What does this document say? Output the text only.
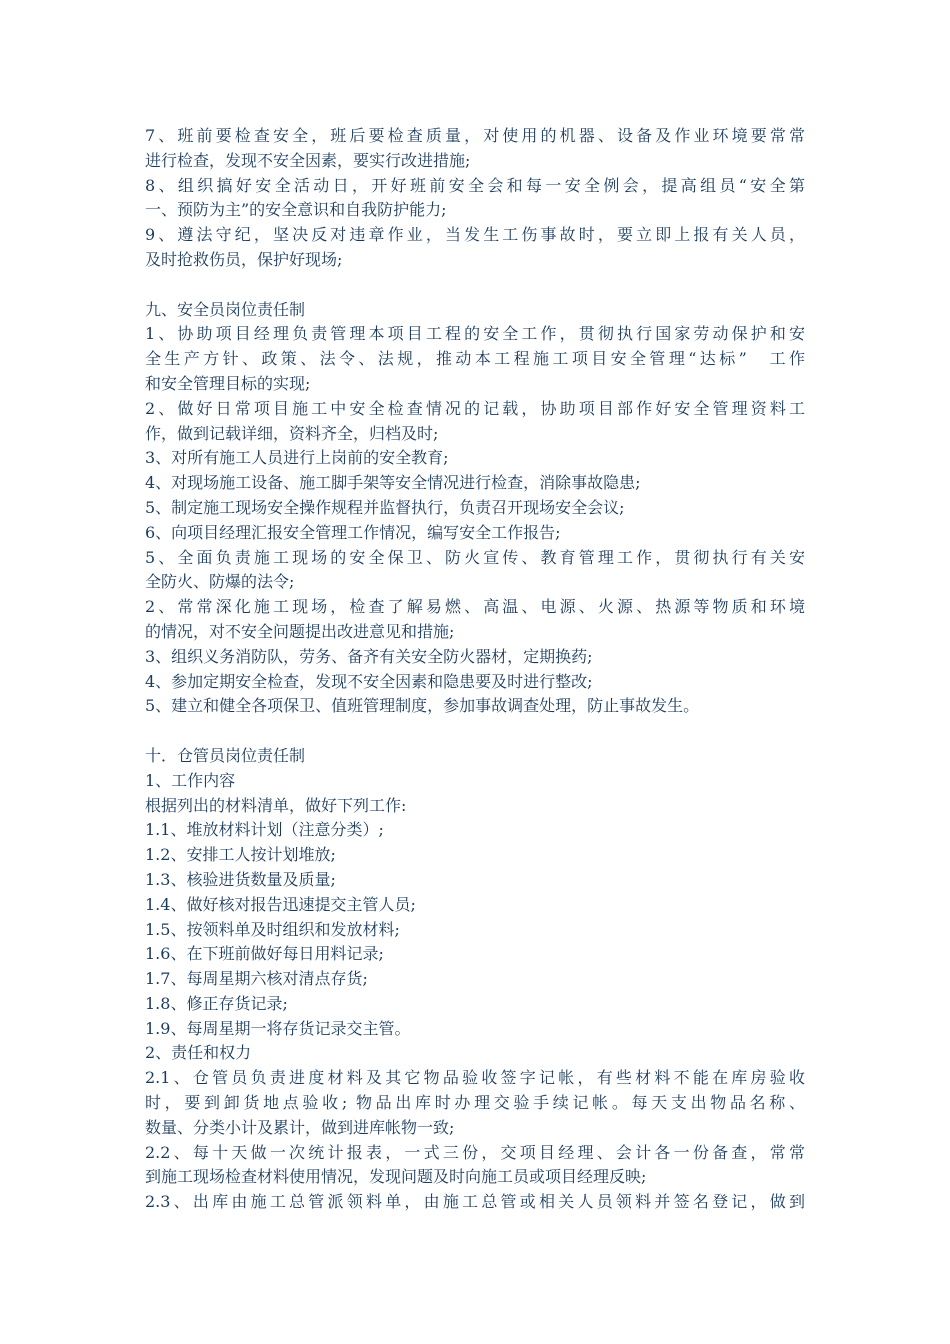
7、班前要检查安全，班后要检查质量，对使用的机器、设备及作业环境要常常
进行检查，发现不安全因素，要实行改进措施;
8、组织搞好安全活动日，开好班前安全会和每一安全例会，提高组员“安全第
一、预防为主”的安全意识和自我防护能力;
9、遵法守纪，坚决反对违章作业，当发生工伤事故时，要立即上报有关人员，
及时抢救伤员，保护好现场;
九、安全员岗位责任制
1、协助项目经理负责管理本项目工程的安全工作，贯彻执行国家劳动保护和安
全生产方针、政策、法令、法规，推动本工程施工项目安全管理“达标”　工作
和安全管理目标的实现;
2、做好日常项目施工中安全检查情况的记载，协助项目部作好安全管理资料工
作，做到记载详细，资料齐全，归档及时;
3、对所有施工人员进行上岗前的安全教育;
4、对现场施工设备、施工脚手架等安全情况进行检查，消除事故隐患;
5、制定施工现场安全操作规程并监督执行，负责召开现场安全会议;
6、向项目经理汇报安全管理工作情况，编写安全工作报告;
5、全面负责施工现场的安全保卫、防火宣传、教育管理工作，贯彻执行有关安
全防火、防爆的法令;
2、常常深化施工现场，检查了解易燃、高温、电源、火源、热源等物质和环境
的情况，对不安全问题提出改进意见和措施;
3、组织义务消防队，劳务、备齐有关安全防火器材，定期换药;
4、参加定期安全检查，发现不安全因素和隐患要及时进行整改;
5、建立和健全各项保卫、值班管理制度，参加事故调查处理，防止事故发生。
十．仓管员岗位责任制
1、工作内容
根据列出的材料清单，做好下列工作:
1.1、堆放材料计划（注意分类）;
1.2、安排工人按计划堆放;
1.3、核验进货数量及质量;
1.4、做好核对报告迅速提交主管人员;
1.5、按领料单及时组织和发放材料;
1.6、在下班前做好每日用料记录;
1.7、每周星期六核对清点存货;
1.8、修正存货记录;
1.9、每周星期一将存货记录交主管。
2、责任和权力
2.1、仓管员负责进度材料及其它物品验收签字记帐，有些材料不能在库房验收
时，要到卸货地点验收; 物品出库时办理交验手续记帐。每天支出物品名称、
数量、分类小计及累计，做到进库帐物一致;
2.2、每十天做一次统计报表，一式三份，交项目经理、会计各一份备查，常常
到施工现场检查材料使用情况，发现问题及时向施工员或项目经理反映;
2.3、出库由施工总管派领料单，由施工总管或相关人员领料并签名登记，做到
